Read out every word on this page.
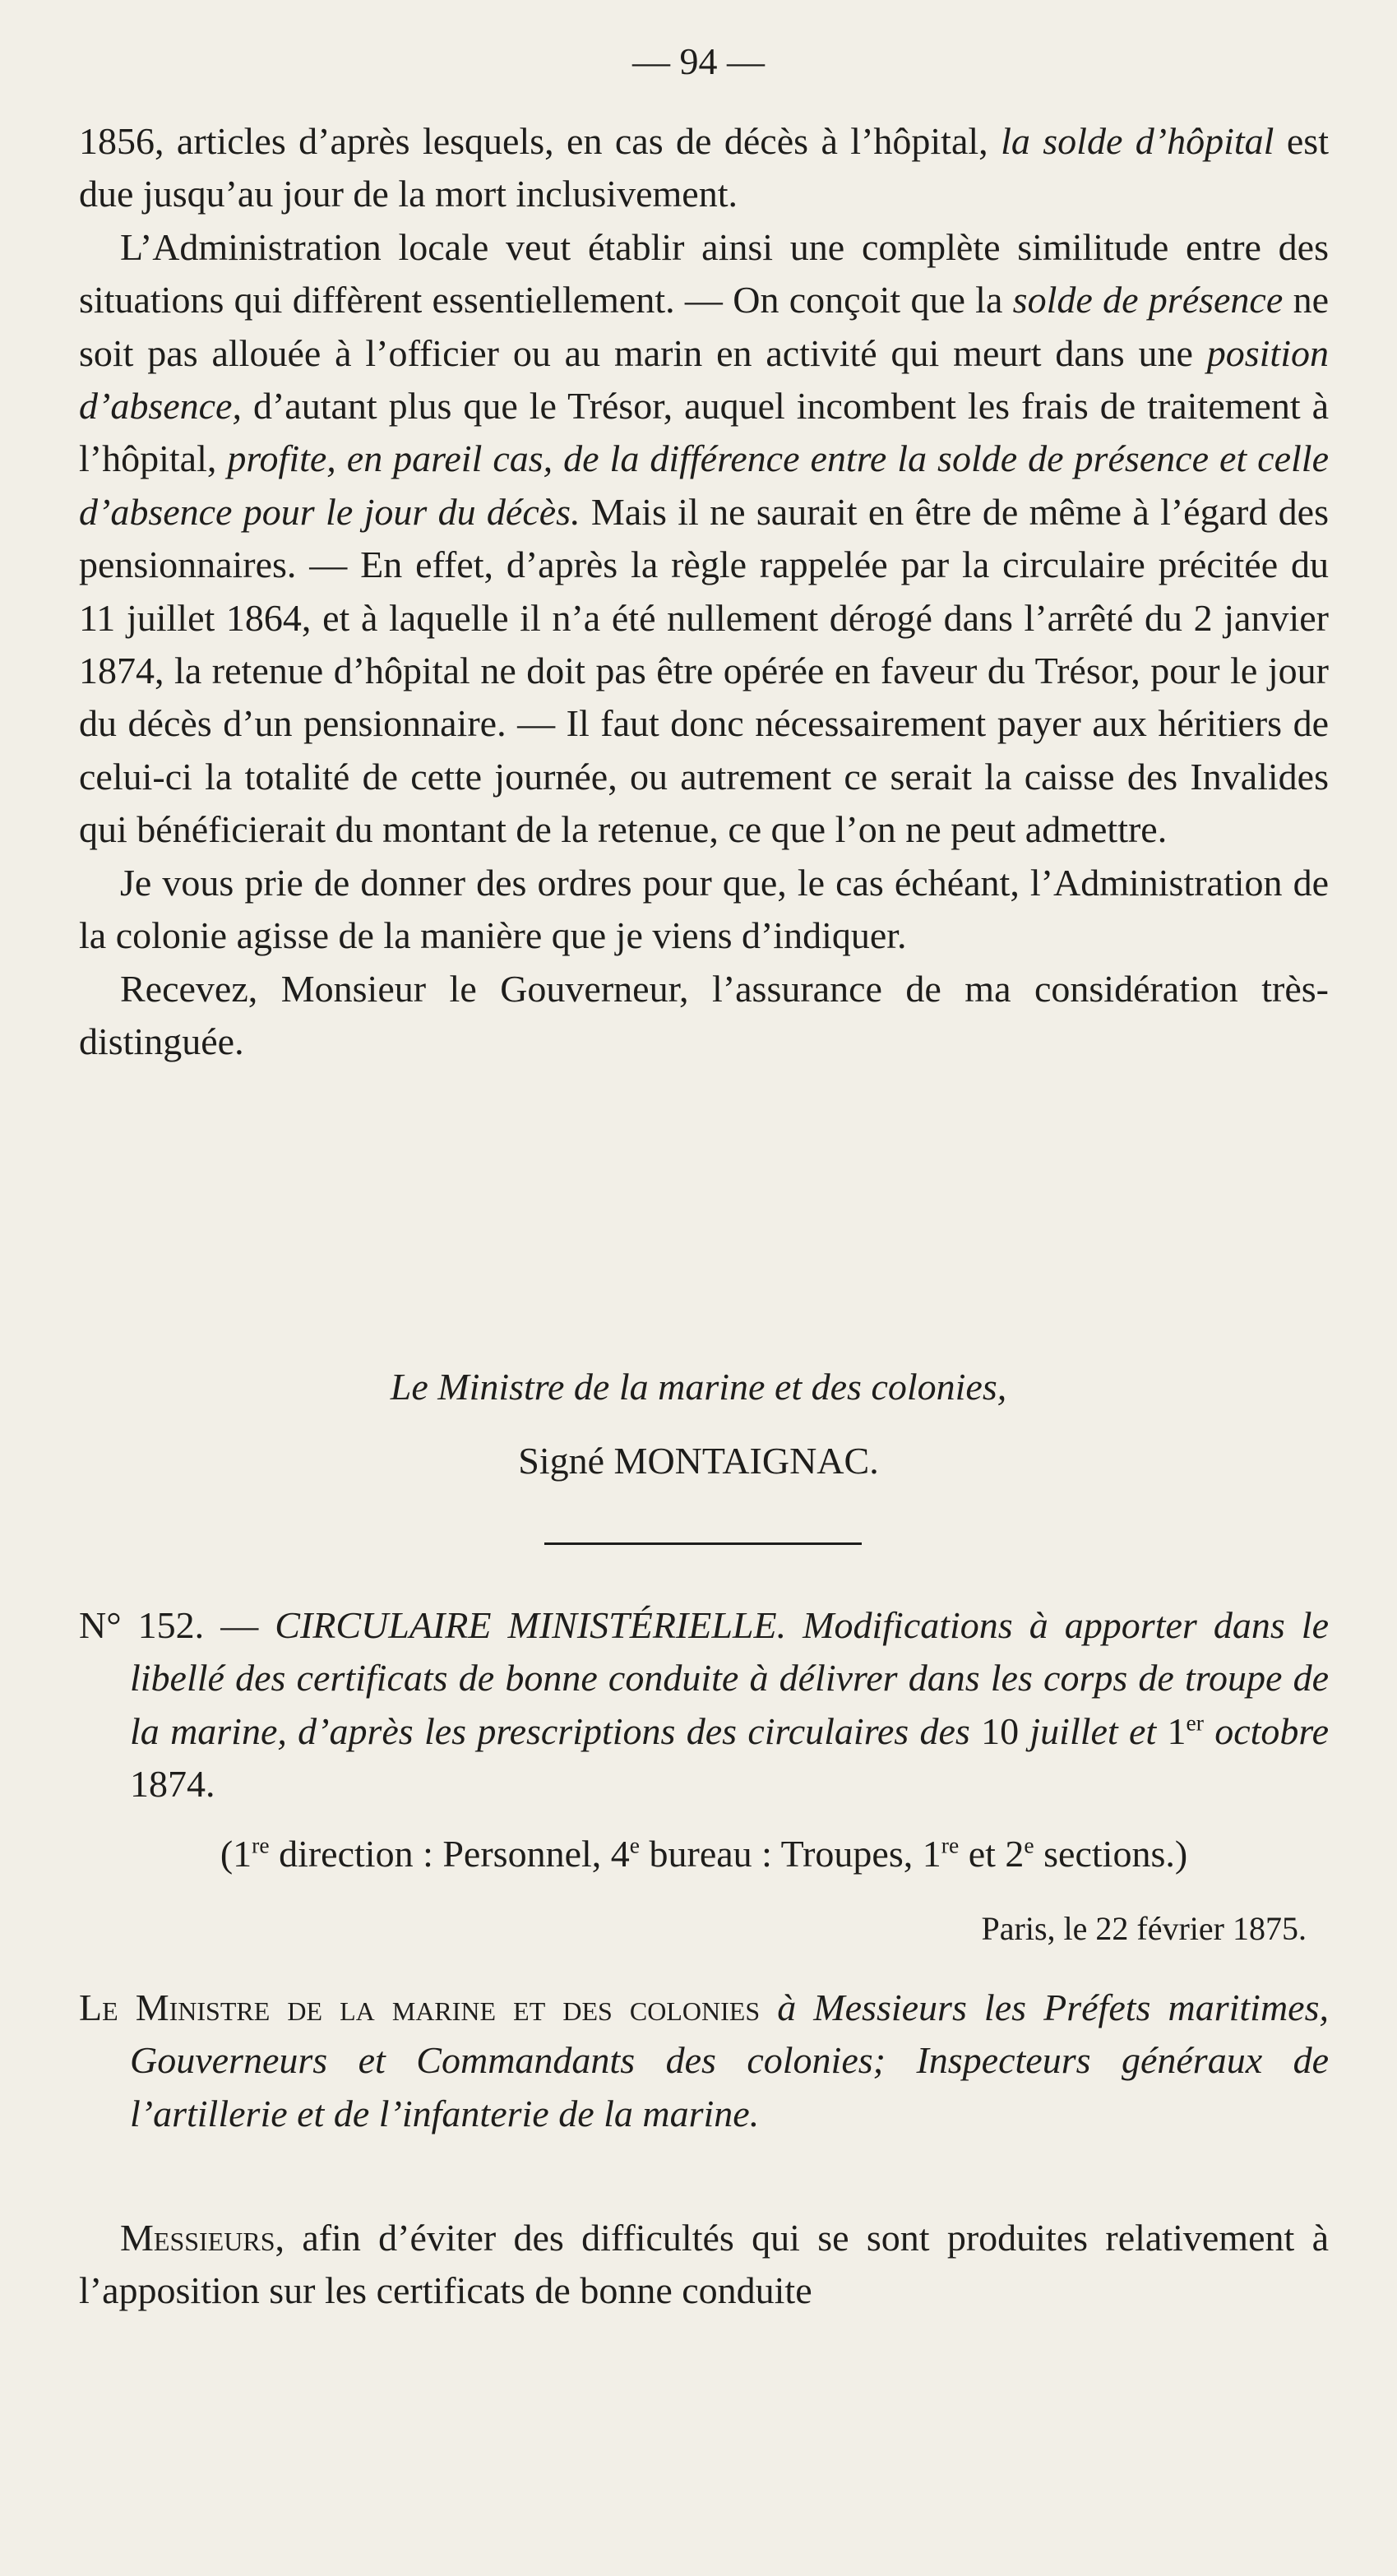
— 94 —

1856, articles d’après lesquels, en cas de décès à l’hôpital, la solde d’hôpital est due jusqu’au jour de la mort inclusivement.

L’Administration locale veut établir ainsi une complète similitude entre des situations qui diffèrent essentiellement. — On conçoit que la solde de présence ne soit pas allouée à l’officier ou au marin en activité qui meurt dans une position d’absence, d’autant plus que le Trésor, auquel incombent les frais de traitement à l’hôpital, profite, en pareil cas, de la différence entre la solde de présence et celle d’absence pour le jour du décès. Mais il ne saurait en être de même à l’égard des pensionnaires. — En effet, d’après la règle rappelée par la circulaire précitée du 11 juillet 1864, et à laquelle il n’a été nullement dérogé dans l’arrêté du 2 janvier 1874, la retenue d’hôpital ne doit pas être opérée en faveur du Trésor, pour le jour du décès d’un pensionnaire. — Il faut donc nécessairement payer aux héritiers de celui-ci la totalité de cette journée, ou autrement ce serait la caisse des Invalides qui bénéficierait du montant de la retenue, ce que l’on ne peut admettre.

Je vous prie de donner des ordres pour que, le cas échéant, l’Administration de la colonie agisse de la manière que je viens d’indiquer.

Recevez, Monsieur le Gouverneur, l’assurance de ma considération très-distinguée.

Le Ministre de la marine et des colonies,
Signé MONTAIGNAC.
N° 152. — CIRCULAIRE MINISTÉRIELLE. Modifications à apporter dans le libellé des certificats de bonne conduite à délivrer dans les corps de troupe de la marine, d’après les prescriptions des circulaires des 10 juillet et 1er octobre 1874.
(1re direction : Personnel, 4e bureau : Troupes, 1re et 2e sections.)
Paris, le 22 février 1875.
Le Ministre de la marine et des colonies à Messieurs les Préfets maritimes, Gouverneurs et Commandants des colonies; Inspecteurs généraux de l’artillerie et de l’infanterie de la marine.
Messieurs, afin d’éviter des difficultés qui se sont produites relativement à l’apposition sur les certificats de bonne conduite
